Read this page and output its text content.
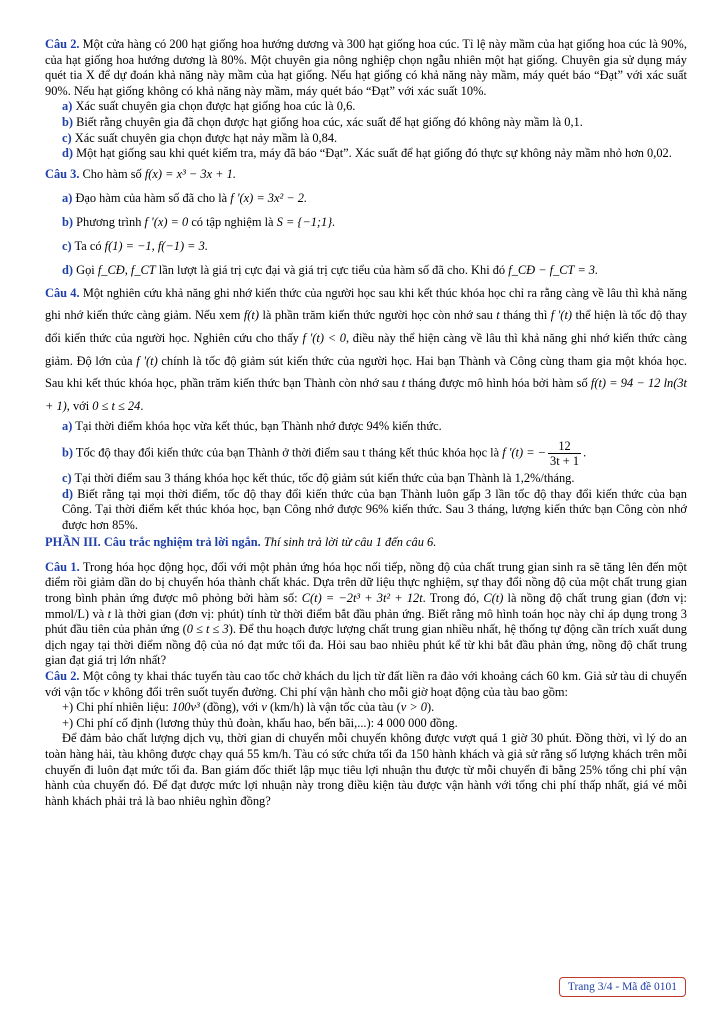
Câu 2. Một cửa hàng có 200 hạt giống hoa hướng dương và 300 hạt giống hoa cúc. Tỉ lệ này mầm của hạt giống hoa cúc là 90%, của hạt giống hoa hướng dương là 80%. Một chuyên gia nông nghiệp chọn ngẫu nhiên một hạt giống. Chuyên gia sử dụng máy quét tia X để dự đoán khả năng này mầm của hạt giống. Nếu hạt giống có khả năng này mầm, máy quét báo “Đạt” với xác suất 90%. Nếu hạt giống không có khả năng này mầm, máy quét báo “Đạt” với xác suất 10%.

a) Xác suất chuyên gia chọn được hạt giống hoa cúc là 0,6.

b) Biết rằng chuyên gia đã chọn được hạt giống hoa cúc, xác suất để hạt giống đó không này mầm là 0,1.

c) Xác suất chuyên gia chọn được hạt nảy mầm là 0,84.

d) Một hạt giống sau khi quét kiểm tra, máy đã báo “Đạt”. Xác suất để hạt giống đó thực sự không nảy mầm nhỏ hơn 0,02.

Câu 3. Cho hàm số f(x) = x³ − 3x + 1.

a) Đạo hàm của hàm số đã cho là f '(x) = 3x² − 2.

b) Phương trình f '(x) = 0 có tập nghiệm là S = {−1;1}.

c) Ta có f(1) = −1, f(−1) = 3.

d) Gọi f_CĐ, f_CT lần lượt là giá trị cực đại và giá trị cực tiểu của hàm số đã cho. Khi đó f_CĐ − f_CT = 3.

Câu 4. Một nghiên cứu khả năng ghi nhớ kiến thức của người học sau khi kết thúc khóa học chỉ ra rằng càng về lâu thì khả năng ghi nhớ kiến thức càng giảm. Nếu xem f(t) là phần trăm kiến thức người học còn nhớ sau t tháng thì f '(t) thể hiện là tốc độ thay đổi kiến thức của người học. Nghiên cứu cho thấy f '(t) < 0, điều này thể hiện càng về lâu thì khả năng ghi nhớ kiến thức càng giảm. Độ lớn của f '(t) chính là tốc độ giảm sút kiến thức của người học. Hai bạn Thành và Công cùng tham gia một khóa học. Sau khi kết thúc khóa học, phần trăm kiến thức bạn Thành còn nhớ sau t tháng được mô hình hóa bởi hàm số f(t) = 94 − 12 ln(3t + 1), với 0 ≤ t ≤ 24.

a) Tại thời điểm khóa học vừa kết thúc, bạn Thành nhớ được 94% kiến thức.

b) Tốc độ thay đổi kiến thức của bạn Thành ở thời điểm sau t tháng kết thúc khóa học là f '(t) = − $\frac{12}{3t + 1}$ .

c) Tại thời điểm sau 3 tháng khóa học kết thúc, tốc độ giảm sút kiến thức của bạn Thành là 1,2%/tháng.

d) Biết rằng tại mọi thời điểm, tốc độ thay đổi kiến thức của bạn Thành luôn gấp 3 lần tốc độ thay đổi kiến thức của bạn Công. Tại thời điểm kết thúc khóa học, bạn Công nhớ được 96% kiến thức. Sau 3 tháng, lượng kiến thức bạn Công còn nhớ được hơn 85%.

PHẦN III. Câu trắc nghiệm trả lời ngắn. Thí sinh trả lời từ câu 1 đến câu 6.

Câu 1. Trong hóa học động học, đối với một phản ứng hóa học nối tiếp, nồng độ của chất trung gian sinh ra sẽ tăng lên đến một điểm rồi giảm dần do bị chuyển hóa thành chất khác. Dựa trên dữ liệu thực nghiệm, sự thay đổi nồng độ của một chất trung gian trong bình phản ứng được mô phỏng bởi hàm số: C(t) = −2t³ + 3t² + 12t. Trong đó, C(t) là nồng độ chất trung gian (đơn vị: mmol/L) và t là thời gian (đơn vị: phút) tính từ thời điểm bắt đầu phản ứng. Biết rằng mô hình toán học này chỉ áp dụng trong 3 phút đầu tiên của phản ứng (0 ≤ t ≤ 3). Để thu hoạch được lượng chất trung gian nhiều nhất, hệ thống tự động cần trích xuất dung dịch ngay tại thời điểm nồng độ của nó đạt mức tối đa. Hỏi sau bao nhiêu phút kể từ khi bắt đầu phản ứng, nồng độ chất trung gian đạt giá trị lớn nhất?

Câu 2. Một công ty khai thác tuyến tàu cao tốc chở khách du lịch từ đất liền ra đảo với khoảng cách 60 km. Giả sử tàu di chuyển với vận tốc v không đổi trên suốt tuyến đường. Chi phí vận hành cho mỗi giờ hoạt động của tàu bao gồm:

+) Chi phí nhiên liệu: 100v³ (đồng), với v (km/h) là vận tốc của tàu (v > 0).

+) Chi phí cố định (lương thủy thủ đoàn, khấu hao, bến bãi,...): 4 000 000 đồng.

Để đảm bảo chất lượng dịch vụ, thời gian di chuyển mỗi chuyến không được vượt quá 1 giờ 30 phút. Đồng thời, vì lý do an toàn hàng hải, tàu không được chạy quá 55 km/h. Tàu có sức chứa tối đa 150 hành khách và giả sử rằng số lượng khách trên mỗi chuyến đi luôn đạt mức tối đa. Ban giám đốc thiết lập mục tiêu lợi nhuận thu được từ mỗi chuyến đi bằng 25% tổng chi phí vận hành của chuyến đó. Để đạt được mức lợi nhuận này trong điều kiện tàu được vận hành với tổng chi phí thấp nhất, giá vé mỗi hành khách phải trả là bao nhiêu nghìn đồng?

Trang 3/4 - Mã đề 0101
